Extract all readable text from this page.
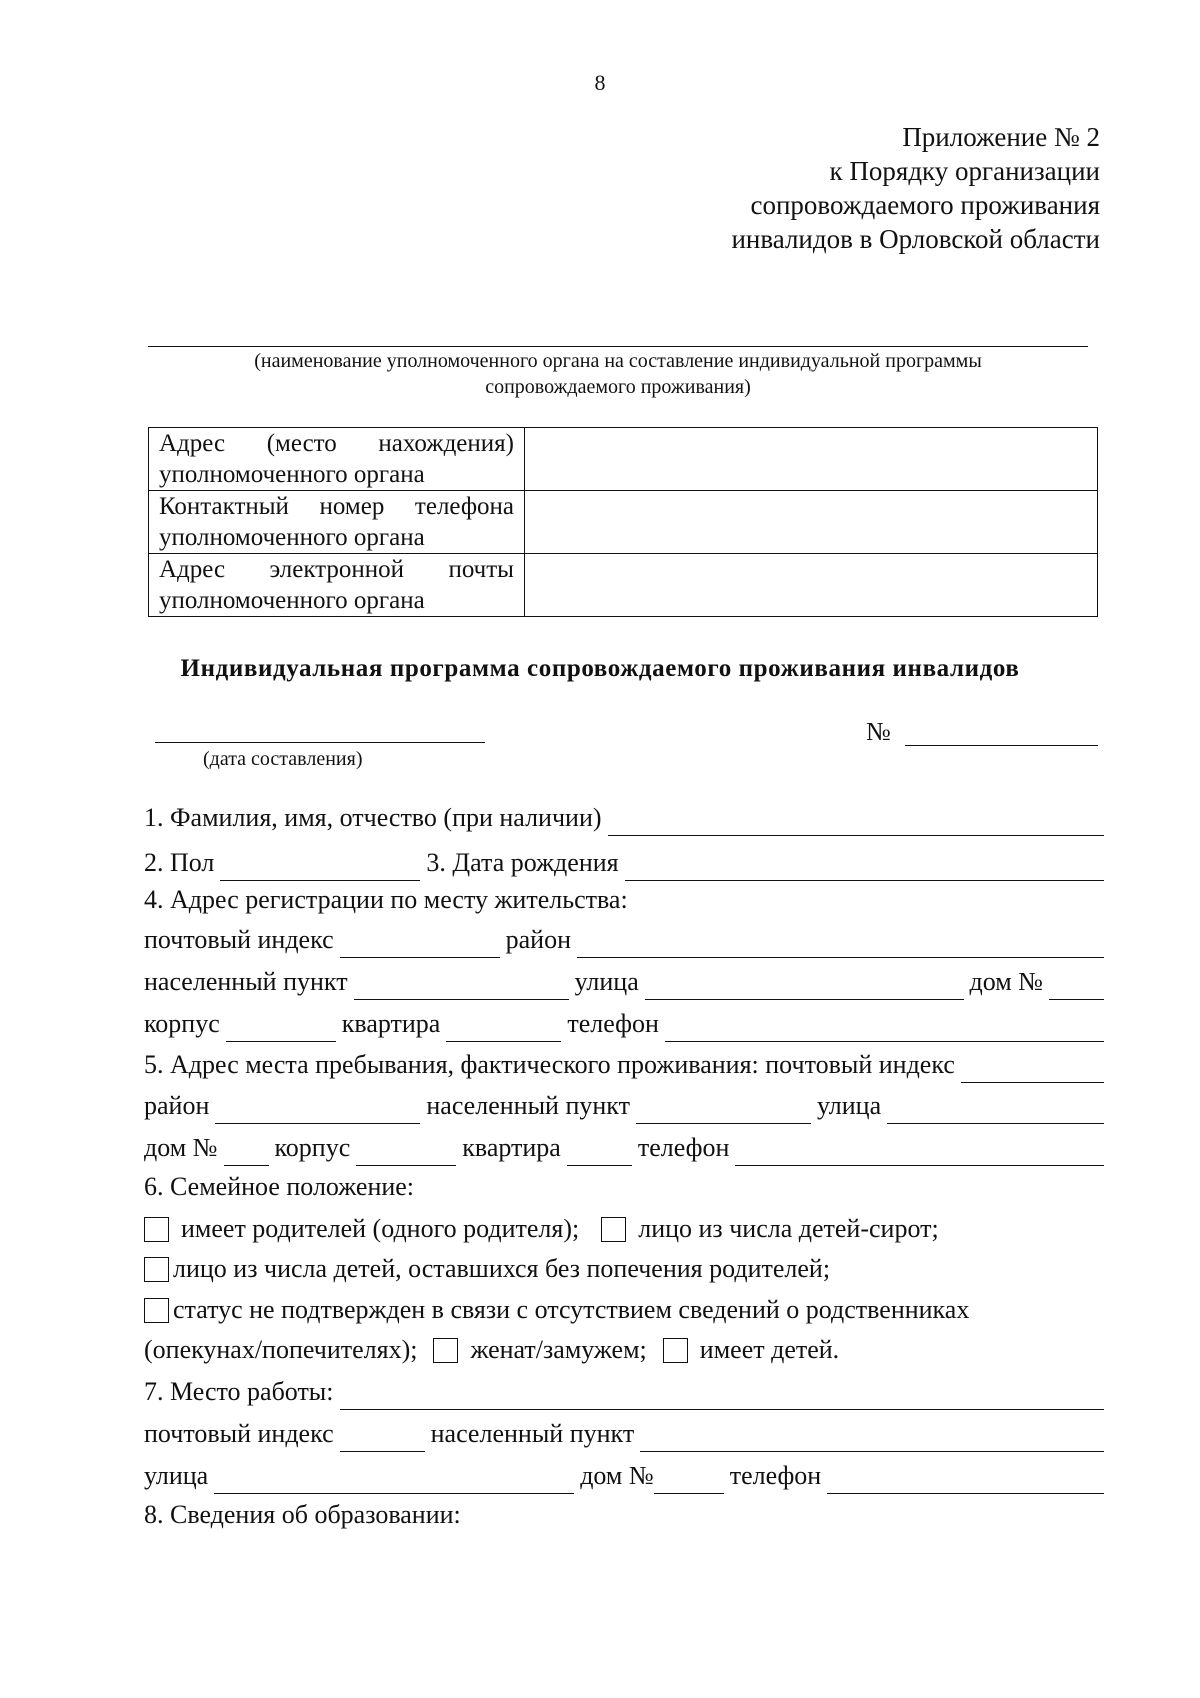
8
Приложение № 2
к Порядку организации
сопровождаемого проживания
инвалидов в Орловской области
(наименование уполномоченного органа на составление индивидуальной программы
сопровождаемого проживания)
Адрес (место нахождения)
уполномоченного органа	

Контактный номер телефона
уполномоченного органа	

Адрес электронной почты
уполномоченного органа	

Индивидуальная программа сопровождаемого проживания инвалидов
(дата составления)
№
1. Фамилия, имя, отчество (при наличии)
2. Пол	3. Дата рождения
4. Адрес регистрации по месту жительства:
почтовый индекс	район
населенный пункт	улица	дом №
корпус	квартира	телефон
5. Адрес места пребывания, фактического проживания: почтовый индекс
район	населенный пункт	улица
дом № корпус	квартира	телефон
6. Семейное положение:
имеет родителей (одного родителя); лицо из числа детей-сирот;
лицо из числа детей, оставшихся без попечения родителей;
статус не подтвержден в связи с отсутствием сведений о родственниках
(опекунах/попечителях); женат/замужем; имеет детей.
7. Место работы:
почтовый индекс	населенный пункт
улица	дом №	телефон
8. Сведения об образовании:
